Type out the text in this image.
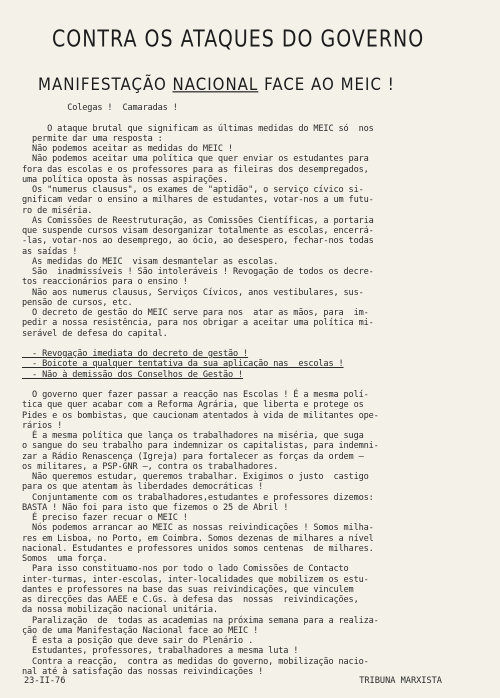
CONTRA OS ATAQUES DO GOVERNO
MANIFESTAÇÃO NACIONAL FACE AO MEIC !
Colegas !  Camaradas !
O ataque brutal que significam as últimas medidas do MEIC só  nos
permite dar uma resposta :
Não podemos aceitar as medidas do MEIC !
Não podemos aceitar uma política que quer enviar os estudantes para
fora das escolas e os professores para as fileiras dos desempregados,
uma política oposta às nossas aspirações.
Os "numerus clausus", os exames de "aptidão", o serviço cívico si-
gnificam vedar o ensino a milhares de estudantes, votar-nos a um futu-
ro de miséria.
As Comissões de Reestruturação, as Comissões Científicas, a portaria
que suspende cursos visam desorganizar totalmente as escolas, encerrá-
-las, votar-nos ao desemprego, ao ócio, ao desespero, fechar-nos todas
as saídas !
As medidas do MEIC  visam desmantelar as escolas.
São  inadmissíveis ! São intoleráveis ! Revogação de todos os decre-
tos reaccionários para o ensino !
Não aos numerus clausus, Serviços Cívicos, anos vestibulares, sus-
pensão de cursos, etc.
O decreto de gestão do MEIC serve para nos  atar as mãos, para  im-
pedir a nossa resistência, para nos obrigar a aceitar uma política mi-
serável de defesa do capital.
- Revogação imediata do decreto de gestão !
- Boicote a qualquer tentativa da sua aplicação nas  escolas !
- Não à demissão dos Conselhos de Gestão !
O governo quer fazer passar a reacção nas Escolas ! É a mesma polí-
tica que quer acabar com a Reforma Agrária, que liberta e protege os
Pides e os bombistas, que caucionam atentados à vida de militantes ope-
rários !
É a mesma política que lança os trabalhadores na miséria, que suga
o sangue do seu trabalho para indemnizar os capitalistas, para indemni-
zar a Rádio Renascença (Igreja) para fortalecer as forças da ordem —
os militares, a PSP-GNR —, contra os trabalhadores.
Não queremos estudar, queremos trabalhar. Exigimos o justo  castigo
para os que atentam às liberdades democráticas !
Conjuntamente com os trabalhadores,estudantes e professores dizemos:
BASTA ! Não foi para isto que fizemos o 25 de Abril !
É preciso fazer recuar o MEIC !
Nós podemos arrancar ao MEIC as nossas reivindicações ! Somos milha-
res em Lisboa, no Porto, em Coimbra. Somos dezenas de milhares a nível
nacional. Estudantes e professores unidos somos centenas  de milhares.
Somos  uma força.
Para isso constituamo-nos por todo o lado Comissões de Contacto
inter-turmas, inter-escolas, inter-localidades que mobilizem os estu-
dantes e professores na base das suas reivindicações, que vinculem
as direcções das AAEE e C.Gs. à defesa das  nossas  reivindicações,
da nossa mobilização nacional unitária.
Paralização  de  todas as academias na próxima semana para a realiza-
ção de uma Manifestação Nacional face ao MEIC !
É esta a posição que deve sair do Plenário .
Estudantes, professores, trabalhadores a mesma luta !
Contra a reacção,  contra as medidas do governo, mobilização nacio-
nal até à satisfação das nossas reivindicações !
23-II-76	TRIBUNA MARXISTA
